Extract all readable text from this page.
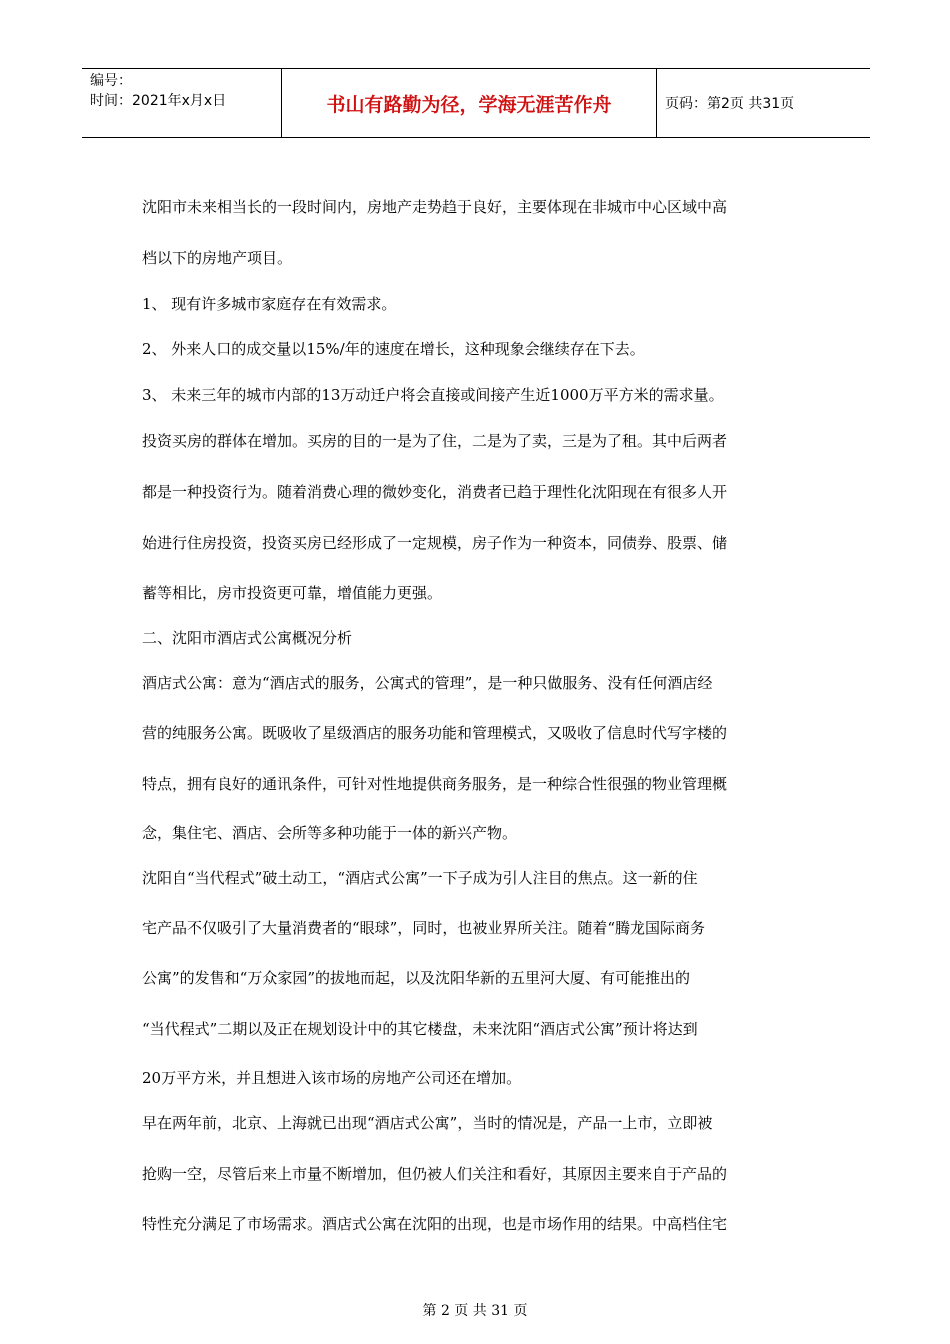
编号：
时间：2021年x月x日	书山有路勤为径，学海无涯苦作舟	页码：第2页 共31页

沈阳市未来相当长的一段时间内，房地产走势趋于良好，主要体现在非城市中心区域中高

档以下的房地产项目。

1、 现有许多城市家庭存在有效需求。

2、 外来人口的成交量以15%/年的速度在增长，这种现象会继续存在下去。

3、 未来三年的城市内部的13万动迁户将会直接或间接产生近1000万平方米的需求量。

投资买房的群体在增加。买房的目的一是为了住，二是为了卖，三是为了租。其中后两者

都是一种投资行为。随着消费心理的微妙变化，消费者已趋于理性化沈阳现在有很多人开

始进行住房投资，投资买房已经形成了一定规模，房子作为一种资本，同债券、股票、储

蓄等相比，房市投资更可靠，增值能力更强。

二、沈阳市酒店式公寓概况分析

酒店式公寓：意为“酒店式的服务，公寓式的管理”，是一种只做服务、没有任何酒店经

营的纯服务公寓。既吸收了星级酒店的服务功能和管理模式，又吸收了信息时代写字楼的

特点，拥有良好的通讯条件，可针对性地提供商务服务，是一种综合性很强的物业管理概

念，集住宅、酒店、会所等多种功能于一体的新兴产物。

沈阳自“当代程式”破土动工，“酒店式公寓”一下子成为引人注目的焦点。这一新的住

宅产品不仅吸引了大量消费者的“眼球”，同时，也被业界所关注。随着“腾龙国际商务

公寓”的发售和“万众家园”的拔地而起，以及沈阳华新的五里河大厦、有可能推出的

“当代程式”二期以及正在规划设计中的其它楼盘，未来沈阳“酒店式公寓”预计将达到

20万平方米，并且想进入该市场的房地产公司还在增加。

早在两年前，北京、上海就已出现“酒店式公寓”，当时的情况是，产品一上市，立即被

抢购一空，尽管后来上市量不断增加，但仍被人们关注和看好，其原因主要来自于产品的

特性充分满足了市场需求。酒店式公寓在沈阳的出现，也是市场作用的结果。中高档住宅

第 2 页 共 31 页
